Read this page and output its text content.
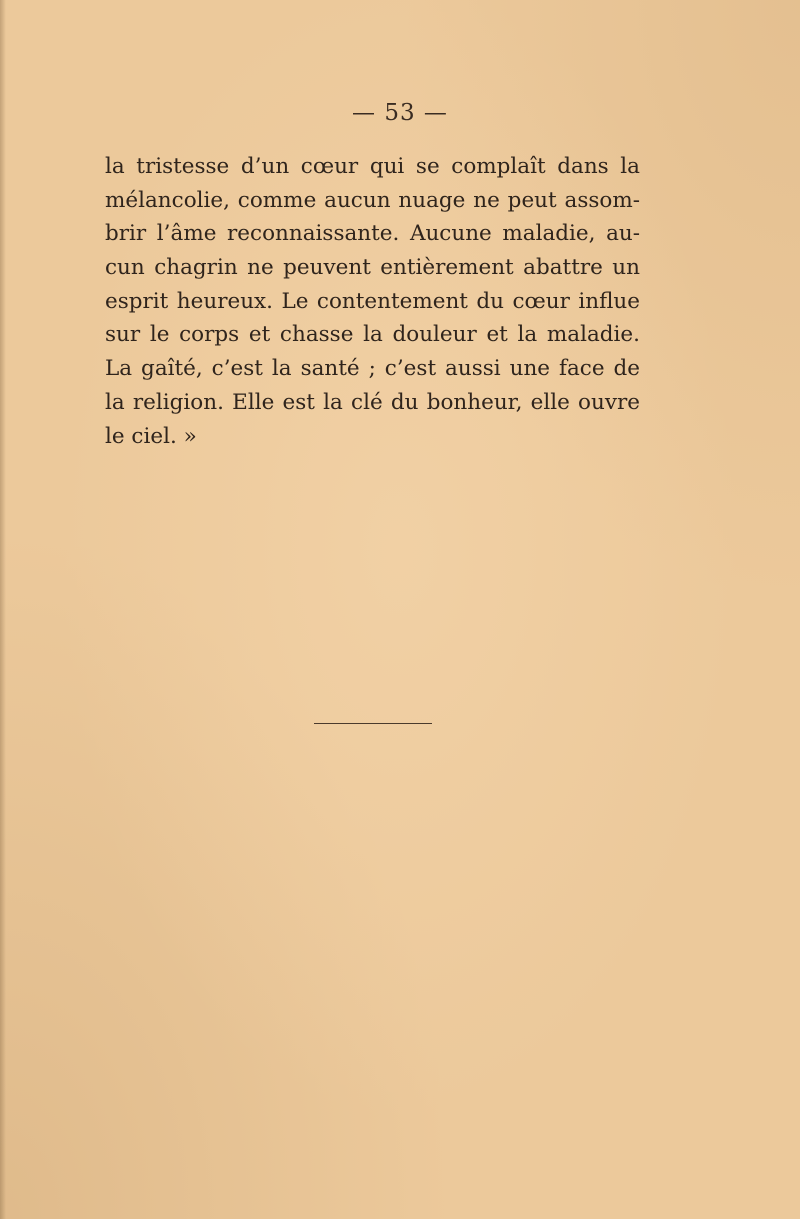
— 53 —
la tristesse d’un cœur qui se complaît dans la
mélancolie, comme aucun nuage ne peut assom-
brir l’âme reconnaissante. Aucune maladie, au-
cun chagrin ne peuvent entièrement abattre un
esprit heureux. Le contentement du cœur influe
sur le corps et chasse la douleur et la maladie.
La gaîté, c’est la santé ; c’est aussi une face de
la religion. Elle est la clé du bonheur, elle ouvre
le ciel. »
